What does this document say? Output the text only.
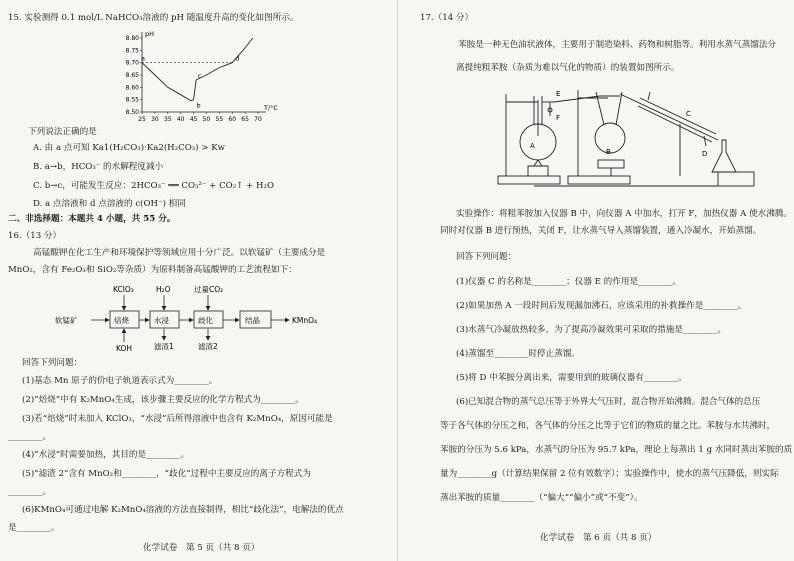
15. 实验测得 0.1 mol/L NaHCO₃溶液的 pH 随温度升高的变化如图所示。
pH
T/°C
8.50
8.55
8.60
8.65
8.70
8.75
8.80
25 30 35 40 45 50 55 60 65 70
a
b
c
d
下列说法正确的是
A. 由 a 点可知 Ka1(H₂CO₃)·Ka2(H₂CO₃) > Kw
B. a→b，HCO₃⁻ 的水解程度减小
C. b→c，可能发生反应：2HCO₃⁻ ══ CO₃²⁻ + CO₂↑ + H₂O
D. a 点溶液和 d 点溶液的 c(OH⁻) 相同
二、非选择题：本题共 4 小题，共 55 分。
16.（13 分）
高锰酸钾在化工生产和环境保护等领域应用十分广泛。以软锰矿（主要成分是
MnO₂，含有 Fe₂O₃和 SiO₂等杂质）为原料制备高锰酸钾的工艺流程如下：
软锰矿	焙烧	水浸	歧化	结晶	KMnO₄
KClO₃	H₂O	过量CO₂
KOH	滤渣1	滤渣2
回答下列问题：
(1)基态 Mn 原子的价电子轨道表示式为________。
(2)“焙烧”中有 K₂MnO₄生成，该步骤主要反应的化学方程式为________。
(3)若“焙烧”时未加入 KClO₃，“水浸”后所得溶液中也含有 K₂MnO₄，原因可能是
________。
(4)“水浸”时需要加热，其目的是________。
(5)“滤渣 2”含有 MnO₂和________，“歧化”过程中主要反应的离子方程式为
________。
(6)KMnO₄可通过电解 K₂MnO₄溶液的方法直接制得，相比“歧化法”，电解法的优点
是________。
化学试卷　第 5 页（共 8 页）
17.（14 分）
苯胺是一种无色油状液体，主要用于制造染料、药物和树脂等。利用水蒸气蒸馏法分
离提纯粗苯胺（杂质为难以气化的物质）的装置如图所示。
E
F
A
B
C
D
实验操作：将粗苯胺加入仪器 B 中，向仪器 A 中加水，打开 F，加热仪器 A 使水沸腾。
同时对仪器 B 进行预热，关闭 F，让水蒸气导入蒸馏装置，通入冷凝水，开始蒸馏。
回答下列问题：
(1)仪器 C 的名称是________；仪器 E 的作用是________。
(2)如果加热 A 一段时间后发现漏加沸石，应该采用的补救操作是________。
(3)水蒸气冷凝放热较多，为了提高冷凝效果可采取的措施是________。
(4)蒸馏至________时停止蒸馏。
(5)将 D 中苯胺分离出来，需要用到的玻璃仪器有________。
(6)已知混合物的蒸气总压等于外界大气压时，混合物开始沸腾。混合气体的总压
等于各气体的分压之和，各气体的分压之比等于它们的物质的量之比。苯胺与水共沸时，
苯胺的分压为 5.6 kPa，水蒸气的分压为 95.7 kPa，理论上每蒸出 1 g 水同时蒸出苯胺的质
量为________g（计算结果保留 2 位有效数字）；实验操作中，使水的蒸气压降低，则实际
蒸出苯胺的质量________（“偏大”“偏小”或“不变”）。
化学试卷　第 6 页（共 8 页）
